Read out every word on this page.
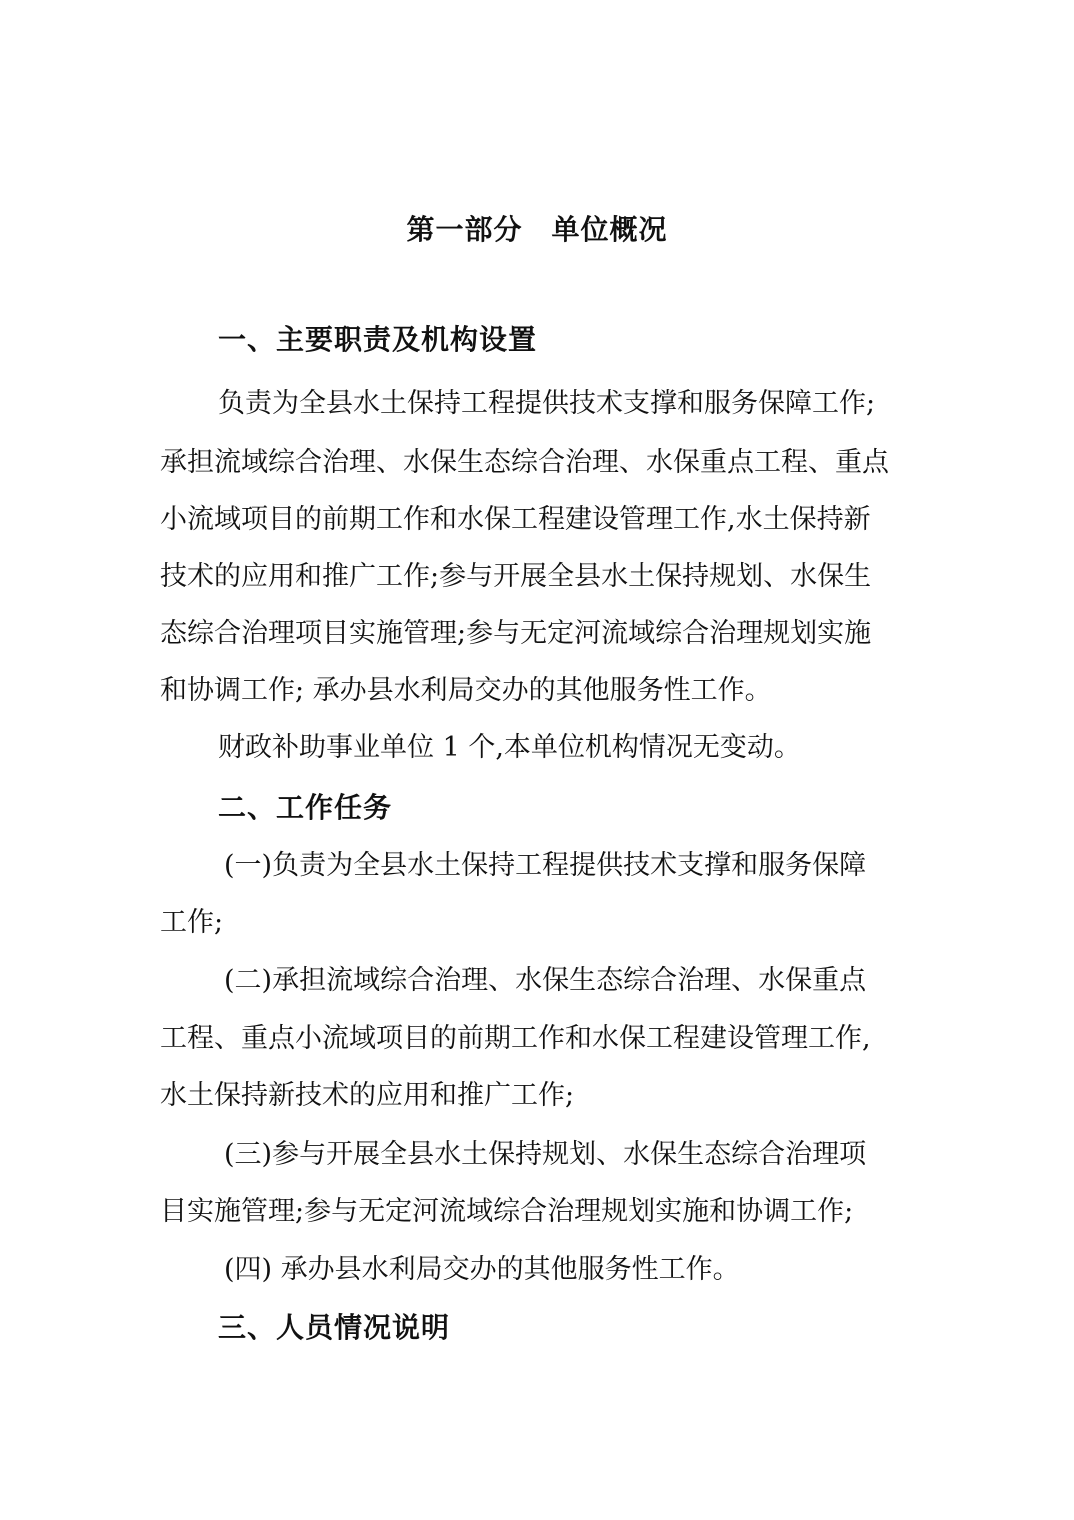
第一部分　单位概况
一、主要职责及机构设置
负责为全县水土保持工程提供技术支撑和服务保障工作;
承担流域综合治理、水保生态综合治理、水保重点工程、重点
小流域项目的前期工作和水保工程建设管理工作,水土保持新
技术的应用和推广工作;参与开展全县水土保持规划、水保生
态综合治理项目实施管理;参与无定河流域综合治理规划实施
和协调工作; 承办县水利局交办的其他服务性工作。
财政补助事业单位 1 个,本单位机构情况无变动。
二、工作任务
(一)负责为全县水土保持工程提供技术支撑和服务保障
工作;
(二)承担流域综合治理、水保生态综合治理、水保重点
工程、重点小流域项目的前期工作和水保工程建设管理工作,
水土保持新技术的应用和推广工作;
(三)参与开展全县水土保持规划、水保生态综合治理项
目实施管理;参与无定河流域综合治理规划实施和协调工作;
(四) 承办县水利局交办的其他服务性工作。
三、人员情况说明
